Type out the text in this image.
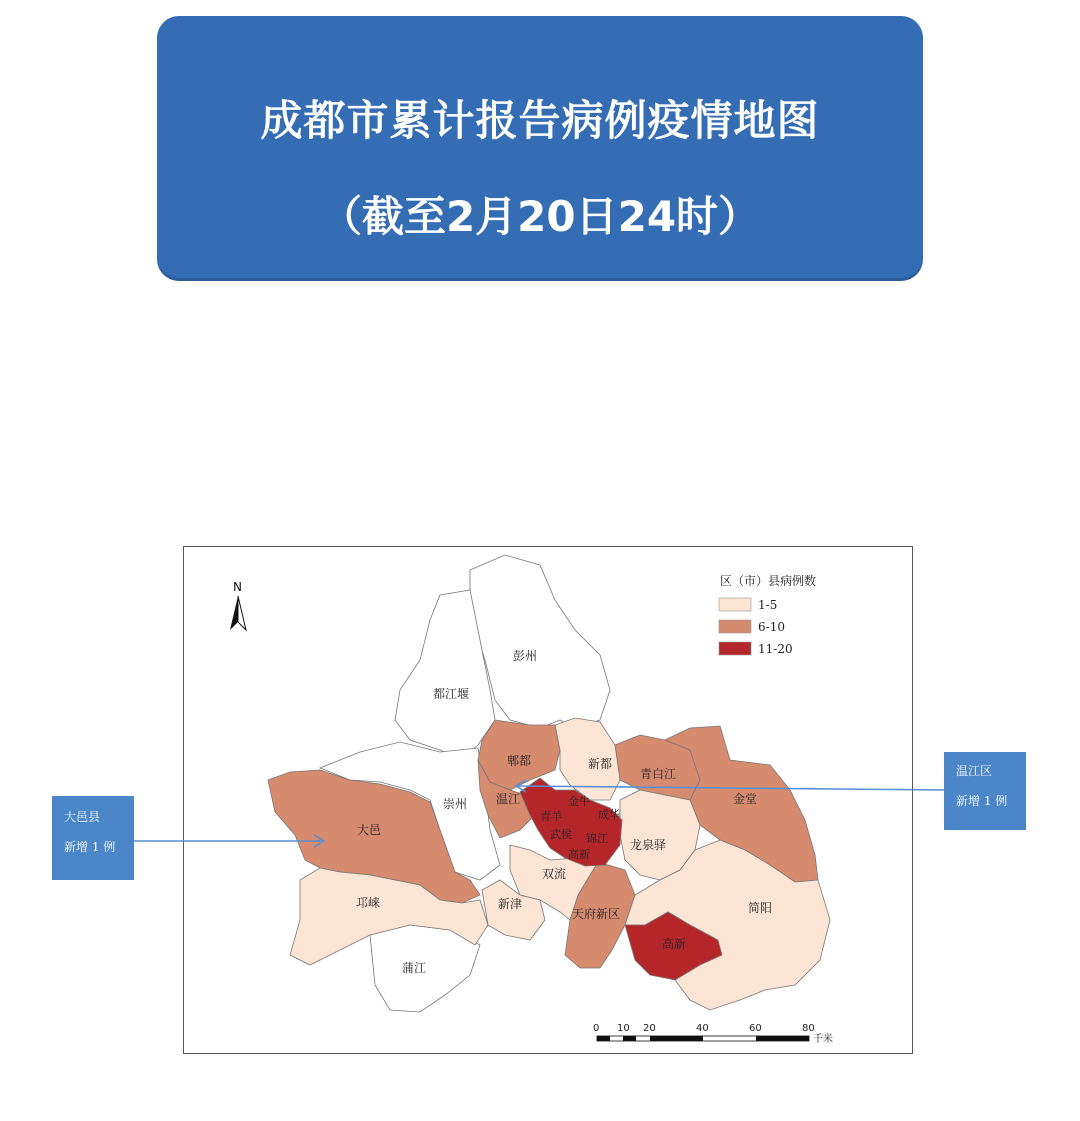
成都市累计报告病例疫情地图
（截至2月20日24时）
彭州
都江堰
郫都	新都
青白江
金堂
温江
崇州
大邑
金牛
成华
青羊
武侯 锦江
高新
龙泉驿
双流
邛崃	新津
天府新区	简阳
高新
蒲江
N	区（市）县病例数
1-5
6-10
11-20
0 10 20	40	60	80
千米
大邑县
新增 1 例
温江区
新增 1 例
